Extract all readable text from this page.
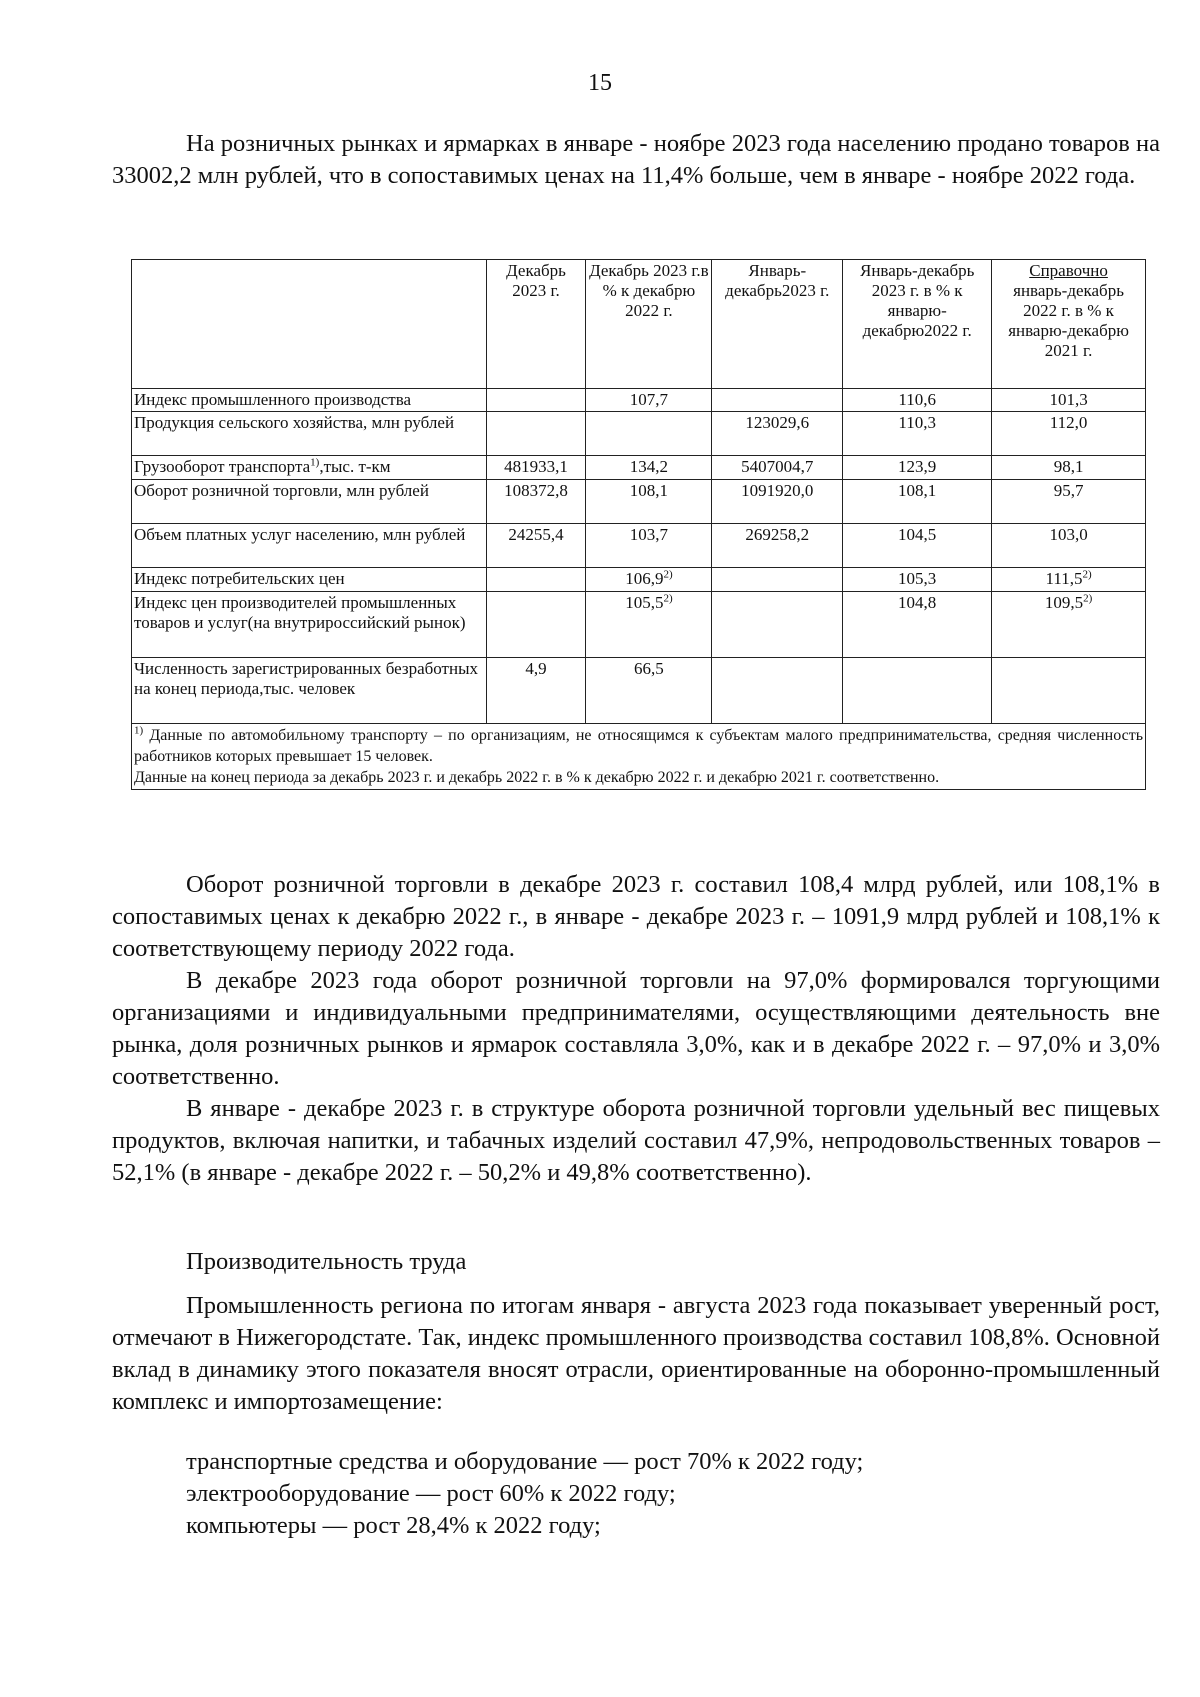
15

На розничных рынках и ярмарках в январе - ноябре 2023 года населению продано товаров на 33002,2 млн рублей, что в сопоставимых ценах на 11,4% больше, чем в январе - ноябре 2022 года.

	Декабрь 2023 г.	Декабрь 2023 г.в % к декабрю 2022 г.	Январь-декабрь2023 г.	Январь-декабрь 2023 г. в % к январю-декабрю2022 г.	Справочно
январь-декабрь 2022 г. в % к январю-декабрю 2021 г.
Индекс промышленного производства		107,7		110,6	101,3
Продукция сельского хозяйства, млн рублей			123029,6	110,3	112,0
Грузооборот транспорта$^{1)}$,тыс. т-км	481933,1	134,2	5407004,7	123,9	98,1
Оборот розничной торговли, млн рублей	108372,8	108,1	1091920,0	108,1	95,7
Объем платных услуг населению, млн рублей	24255,4	103,7	269258,2	104,5	103,0
Индекс потребительских цен		106,9$^{2)}$		105,3	111,5$^{2)}$
Индекс цен производителей промышленных товаров и услуг(на внутрироссийский рынок)		105,5$^{2)}$		104,8	109,5$^{2)}$
Численность зарегистрированных безработных на конец периода,тыс. человек	4,9	66,5			

$^{1)}$ Данные по автомобильному транспорту – по организациям, не относящимся к субъектам малого предпринимательства, средняя численность работников которых превышает 15 человек.
Данные на конец периода за декабрь 2023 г. и декабрь 2022 г. в % к декабрю 2022 г. и декабрю 2021 г. соответственно.					

Оборот розничной торговли в декабре 2023 г. составил 108,4 млрд рублей, или 108,1% в сопоставимых ценах к декабрю 2022 г., в январе - декабре 2023 г. – 1091,9 млрд рублей и 108,1% к соответствующему периоду 2022 года.

В декабре 2023 года оборот розничной торговли на 97,0% формировался торгующими организациями и индивидуальными предпринимателями, осуществляющими деятельность вне рынка, доля розничных рынков и ярмарок составляла 3,0%, как и в декабре 2022 г. – 97,0% и 3,0% соответственно.

В январе - декабре 2023 г. в структуре оборота розничной торговли удельный вес пищевых продуктов, включая напитки, и табачных изделий составил 47,9%, непродовольственных товаров – 52,1% (в январе - декабре 2022 г. – 50,2% и 49,8% соответственно).

Производительность труда

Промышленность региона по итогам января - августа 2023 года показывает уверенный рост, отмечают в Нижегородстате. Так, индекс промышленного производства составил 108,8%. Основной вклад в динамику этого показателя вносят отрасли, ориентированные на оборонно-промышленный комплекс и импортозамещение:

транспортные средства и оборудование — рост 70% к 2022 году;
электрооборудование — рост 60% к 2022 году;
компьютеры — рост 28,4% к 2022 году;
